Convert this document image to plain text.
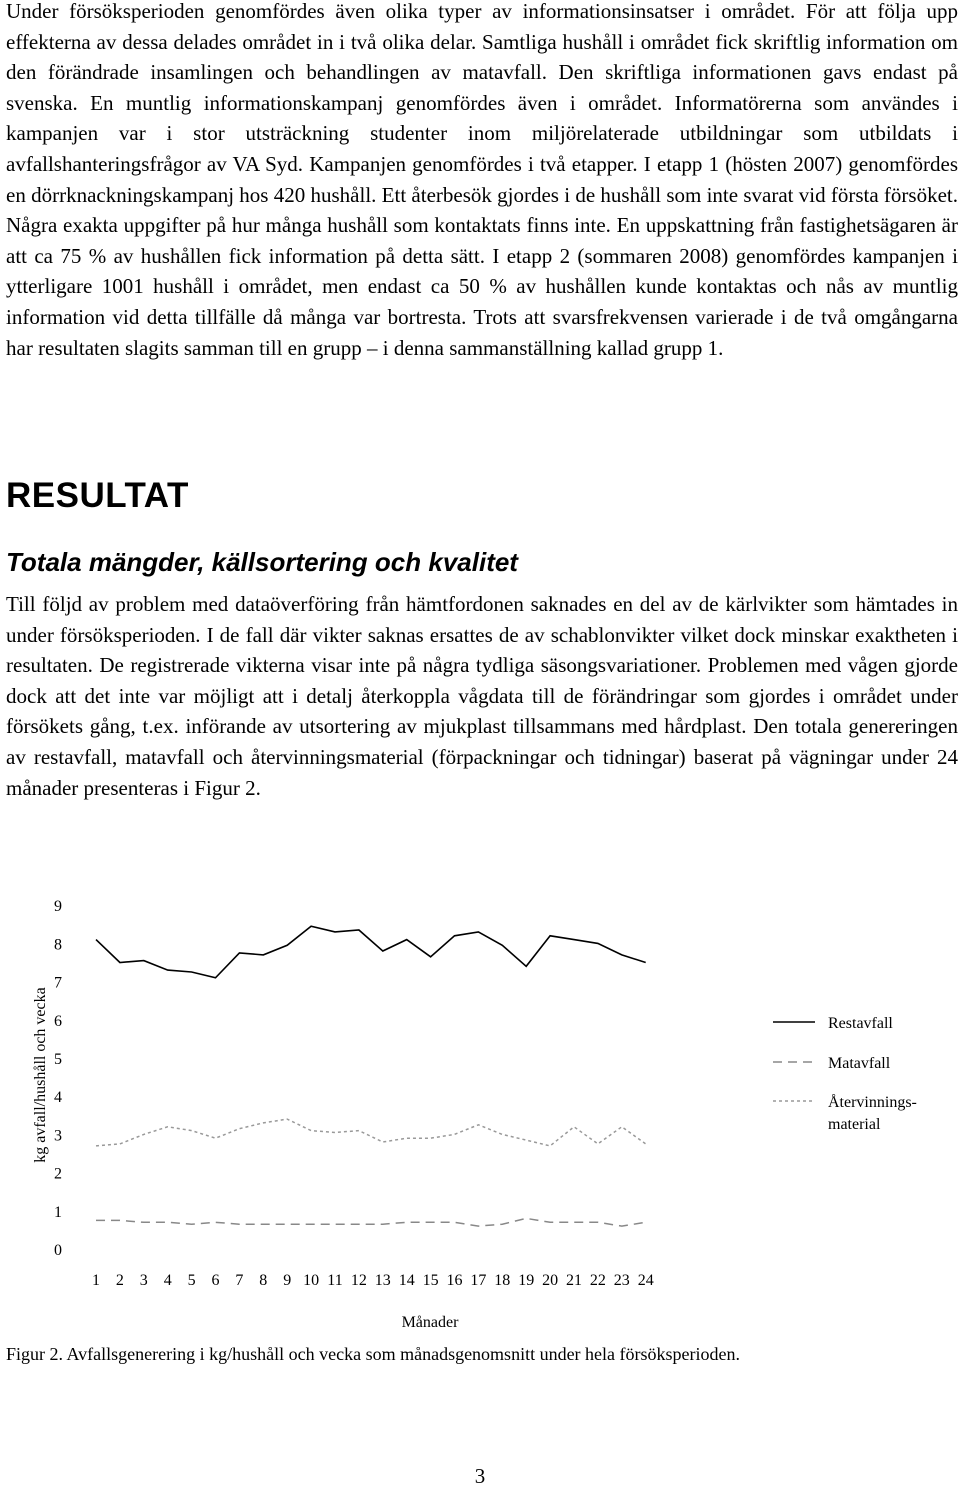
Under försöksperioden genomfördes även olika typer av informationsinsatser i området. För att följa upp effekterna av dessa delades området in i två olika delar. Samtliga hushåll i området fick skriftlig information om den förändrade insamlingen och behandlingen av matavfall. Den skriftliga informationen gavs endast på svenska. En muntlig informationskampanj genomfördes även i området. Informatörerna som användes i kampanjen var i stor utsträckning studenter inom miljörelaterade utbildningar som utbildats i avfallshanteringsfrågor av VA Syd. Kampanjen genomfördes i två etapper. I etapp 1 (hösten 2007) genomfördes en dörrknackningskampanj hos 420 hushåll. Ett återbesök gjordes i de hushåll som inte svarat vid första försöket. Några exakta uppgifter på hur många hushåll som kontaktats finns inte. En uppskattning från fastighetsägaren är att ca 75 % av hushållen fick information på detta sätt. I etapp 2 (sommaren 2008) genomfördes kampanjen i ytterligare 1001 hushåll i området, men endast ca 50 % av hushållen kunde kontaktas och nås av muntlig information vid detta tillfälle då många var bortresta. Trots att svarsfrekvensen varierade i de två omgångarna har resultaten slagits samman till en grupp – i denna sammanställning kallad grupp 1.

RESULTAT
Totala mängder, källsortering och kvalitet

Till följd av problem med dataöverföring från hämtfordonen saknades en del av de kärlvikter som hämtades in under försöksperioden. I de fall där vikter saknas ersattes de av schablonvikter vilket dock minskar exaktheten i resultaten. De registrerade vikterna visar inte på några tydliga säsongsvariationer. Problemen med vågen gjorde dock att det inte var möjligt att i detalj återkoppla vågdata till de förändringar som gjordes i området under försökets gång, t.ex. införande av utsortering av mjukplast tillsammans med hårdplast. Den totala genereringen av restavfall, matavfall och återvinningsmaterial (förpackningar och tidningar) baserat på vägningar under 24 månader presenteras i Figur 2.

kg avfall/hushåll och vecka
Månader
0
1
2
3
4
5
6
7
8
9
1 2 3 4 5 6 7 8 9 10 11 12 13 14 15 16 17 18 19 20 21 22 23 24
Restavfall
Matavfall
Återvinnings-material

Figur 2. Avfallsgenerering i kg/hushåll och vecka som månadsgenomsnitt under hela försöksperioden.

3
